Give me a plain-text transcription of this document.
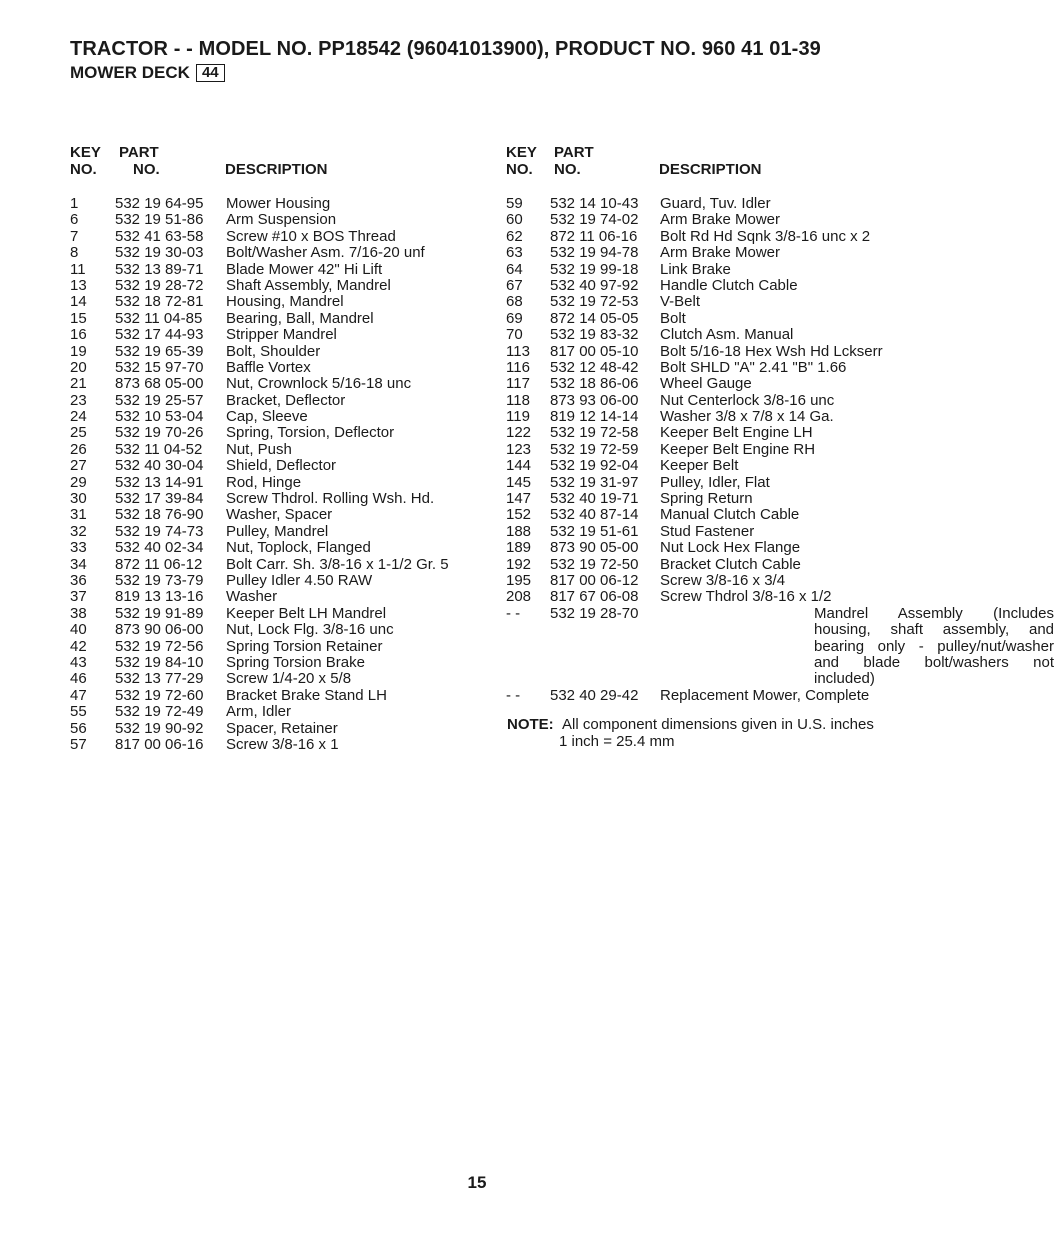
TRACTOR - - MODEL NO. PP18542 (96041013900), PRODUCT NO. 960 41 01-39
MOWER DECK 44
KEY
NO.
PART
NO.	DESCRIPTION
1 532 19 64-95 Mower Housing
6 532 19 51-86 Arm Suspension
7 532 41 63-58 Screw #10 x BOS Thread
8 532 19 30-03 Bolt/Washer Asm. 7/16-20 unf
11 532 13 89-71 Blade Mower 42" Hi Lift
13 532 19 28-72 Shaft Assembly, Mandrel
14 532 18 72-81 Housing, Mandrel
15 532 11 04-85 Bearing, Ball, Mandrel
16 532 17 44-93 Stripper Mandrel
19 532 19 65-39 Bolt, Shoulder
20 532 15 97-70 Baffle Vortex
21 873 68 05-00 Nut, Crownlock 5/16-18 unc
23 532 19 25-57 Bracket, Deflector
24 532 10 53-04 Cap, Sleeve
25 532 19 70-26 Spring, Torsion, Deflector
26 532 11 04-52 Nut, Push
27 532 40 30-04 Shield, Deflector
29 532 13 14-91 Rod, Hinge
30 532 17 39-84 Screw Thdrol. Rolling Wsh. Hd.
31 532 18 76-90 Washer, Spacer
32 532 19 74-73 Pulley, Mandrel
33 532 40 02-34 Nut, Toplock, Flanged
34 872 11 06-12 Bolt Carr. Sh. 3/8-16 x 1-1/2 Gr. 5
36 532 19 73-79 Pulley Idler 4.50 RAW
37 819 13 13-16 Washer
38 532 19 91-89 Keeper Belt LH Mandrel
40 873 90 06-00 Nut, Lock Flg. 3/8-16 unc
42 532 19 72-56 Spring Torsion Retainer
43 532 19 84-10 Spring Torsion Brake
46 532 13 77-29 Screw 1/4-20 x 5/8
47 532 19 72-60 Bracket Brake Stand LH
55 532 19 72-49 Arm, Idler
56 532 19 90-92 Spacer, Retainer
57 817 00 06-16 Screw 3/8-16 x 1
KEY
NO.
PART
NO.	DESCRIPTION
59 532 14 10-43 Guard, Tuv. Idler
60 532 19 74-02 Arm Brake Mower
62 872 11 06-16 Bolt Rd Hd Sqnk 3/8-16 unc x 2
63 532 19 94-78 Arm Brake Mower
64 532 19 99-18 Link Brake
67 532 40 97-92 Handle Clutch Cable
68 532 19 72-53 V-Belt
69 872 14 05-05 Bolt
70 532 19 83-32 Clutch Asm. Manual
113 817 00 05-10 Bolt 5/16-18 Hex Wsh Hd Lckserr
116 532 12 48-42 Bolt SHLD "A" 2.41 "B" 1.66
117 532 18 86-06 Wheel Gauge
118 873 93 06-00 Nut Centerlock 3/8-16 unc
119 819 12 14-14 Washer 3/8 x 7/8 x 14 Ga.
122 532 19 72-58 Keeper Belt Engine LH
123 532 19 72-59 Keeper Belt Engine RH
144 532 19 92-04 Keeper Belt
145 532 19 31-97 Pulley, Idler, Flat
147 532 40 19-71 Spring Return
152 532 40 87-14 Manual Clutch Cable
188 532 19 51-61 Stud Fastener
189 873 90 05-00 Nut Lock Hex Flange
192 532 19 72-50 Bracket Clutch Cable
195 817 00 06-12 Screw 3/8-16 x 3/4
208 817 67 06-08 Screw Thdrol 3/8-16 x 1/2
- - 532 19 28-70	Mandrel Assembly (Includes housing, shaft assembly, and bearing only - pulley/nut/washer and blade bolt/washers not included)
- - 532 40 29-42 Replacement Mower, Complete
NOTE: All component dimensions given in U.S. inches
1 inch = 25.4 mm
15
